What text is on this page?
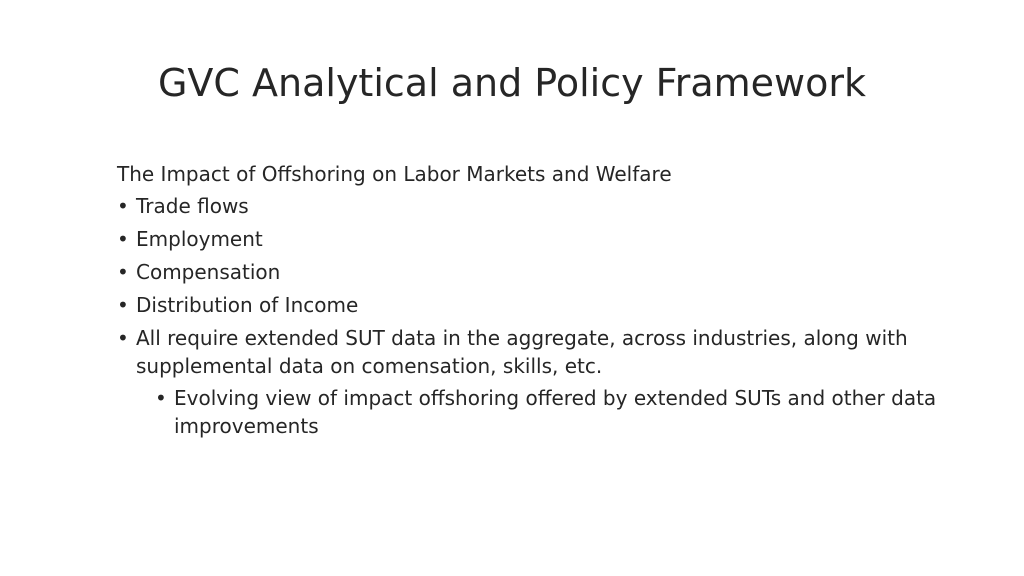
GVC Analytical and Policy Framework
The Impact of Offshoring on Labor Markets and Welfare
• Trade flows
• Employment
• Compensation
• Distribution of Income
• All require extended SUT data in the aggregate, across industries, along with supplemental data on comensation, skills, etc.
• Evolving view of impact offshoring offered by extended SUTs and other data improvements
